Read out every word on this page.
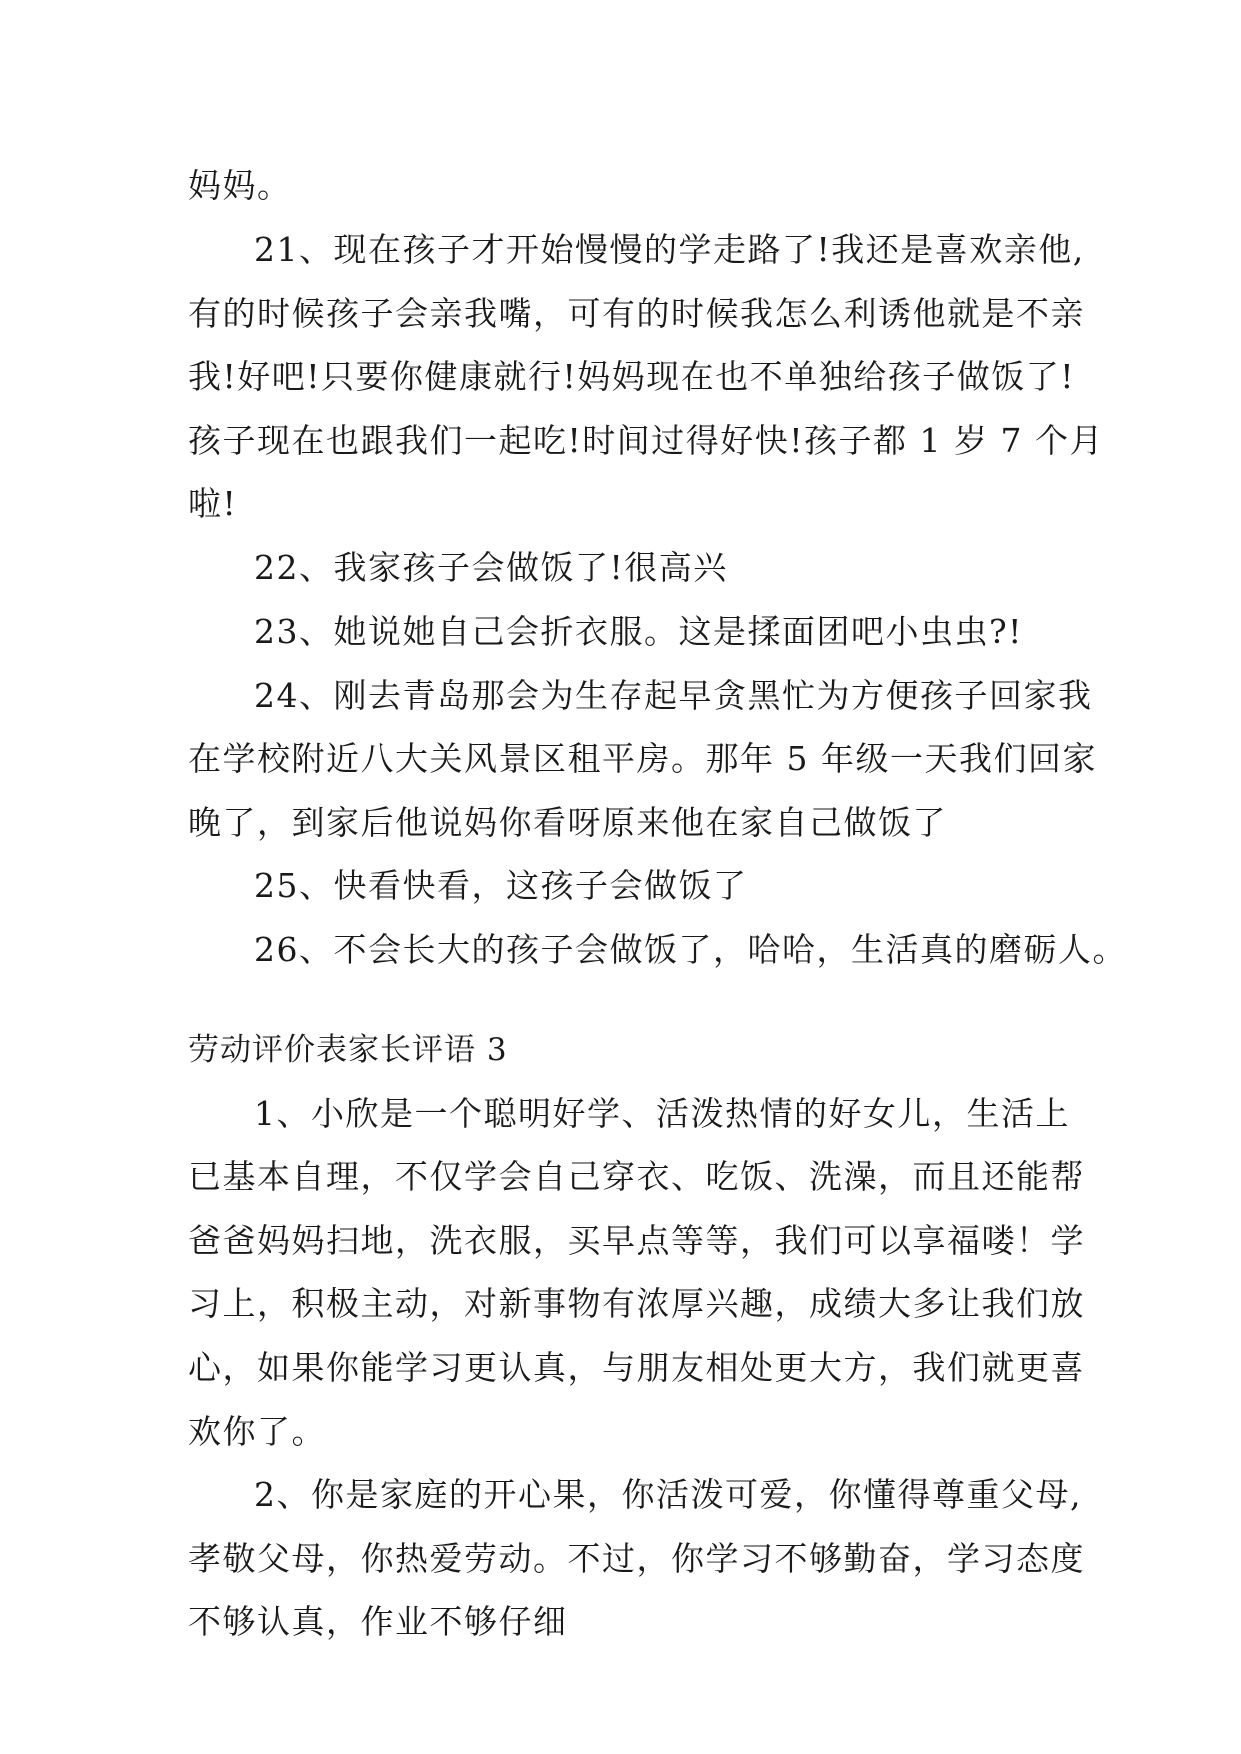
妈妈。
21、现在孩子才开始慢慢的学走路了!我还是喜欢亲他,
有的时候孩子会亲我嘴，可有的时候我怎么利诱他就是不亲
我!好吧!只要你健康就行!妈妈现在也不单独给孩子做饭了!
孩子现在也跟我们一起吃!时间过得好快!孩子都 1 岁 7 个月
啦!
22、我家孩子会做饭了!很高兴
23、她说她自己会折衣服。这是揉面团吧小虫虫?!
24、刚去青岛那会为生存起早贪黑忙为方便孩子回家我
在学校附近八大关风景区租平房。那年 5 年级一天我们回家
晚了，到家后他说妈你看呀原来他在家自己做饭了
25、快看快看，这孩子会做饭了
26、不会长大的孩子会做饭了，哈哈，生活真的磨砺人。
劳动评价表家长评语 3
1、小欣是一个聪明好学、活泼热情的好女儿，生活上
已基本自理，不仅学会自己穿衣、吃饭、洗澡，而且还能帮
爸爸妈妈扫地，洗衣服，买早点等等，我们可以享福喽！学
习上，积极主动，对新事物有浓厚兴趣，成绩大多让我们放
心，如果你能学习更认真，与朋友相处更大方，我们就更喜
欢你了。
2、你是家庭的开心果，你活泼可爱，你懂得尊重父母,
孝敬父母，你热爱劳动。不过，你学习不够勤奋，学习态度
不够认真，作业不够仔细
